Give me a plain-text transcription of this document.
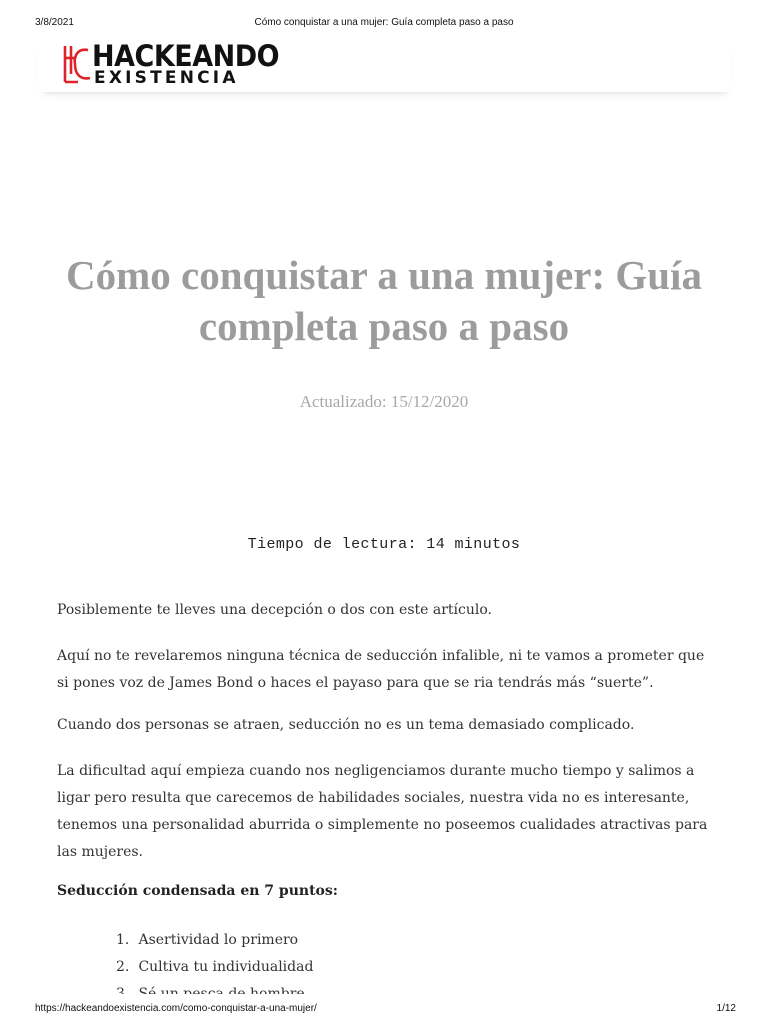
3/8/2021	Cómo conquistar a una mujer: Guía completa paso a paso
HACKEANDO
EXISTENCIA
Cómo conquistar a una mujer: Guía completa paso a paso
Actualizado: 15/12/2020
Tiempo de lectura: 14 minutos

Posiblemente te lleves una decepción o dos con este artículo.

Aquí no te revelaremos ninguna técnica de seducción infalible, ni te vamos a prometer que si pones voz de James Bond o haces el payaso para que se ria tendrás más “suerte”.

Cuando dos personas se atraen, seducción no es un tema demasiado complicado.

La dificultad aquí empieza cuando nos negligenciamos durante mucho tiempo y salimos a ligar pero resulta que carecemos de habilidades sociales, nuestra vida no es interesante, tenemos una personalidad aburrida o simplemente no poseemos cualidades atractivas para las mujeres.

Seducción condensada en 7 puntos:
1. Asertividad lo primero
2. Cultiva tu individualidad
https://hackeandoexistencia.com/como-conquistar-a-una-mujer/	1/12
